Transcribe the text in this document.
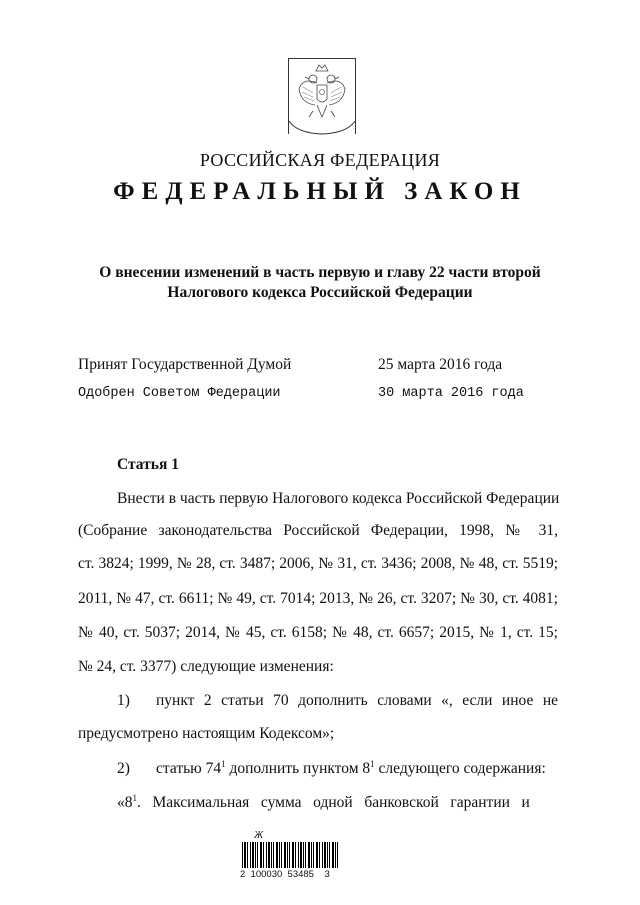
РОССИЙСКАЯ ФЕДЕРАЦИЯ
ФЕДЕРАЛЬНЫЙ ЗАКОН
О внесении изменений в часть первую и главу 22 части второй
Налогового кодекса Российской Федерации
Принят Государственной Думой	25 марта 2016 года
Одобрен Советом Федерации	30 марта 2016 года
Статья 1
Внести в часть первую Налогового кодекса Российской Федерации
(Собрание законодательства Российской Федерации, 1998, № 31,
ст. 3824; 1999, № 28, ст. 3487; 2006, № 31, ст. 3436; 2008, № 48, ст. 5519;
2011, № 47, ст. 6611; № 49, ст. 7014; 2013, № 26, ст. 3207; № 30, ст. 4081;
№ 40, ст. 5037; 2014, № 45, ст. 6158; № 48, ст. 6657; 2015, № 1, ст. 15;
№ 24, ст. 3377) следующие изменения:
1) пункт 2 статьи 70 дополнить словами «, если иное не
предусмотрено настоящим Кодексом»;
2) статью $74^1$ дополнить пунктом $8^1$ следующего содержания:
«$8^1$.   Максимальная   сумма   одной   банковской   гарантии   и
Ж
2  100030  53485    3
